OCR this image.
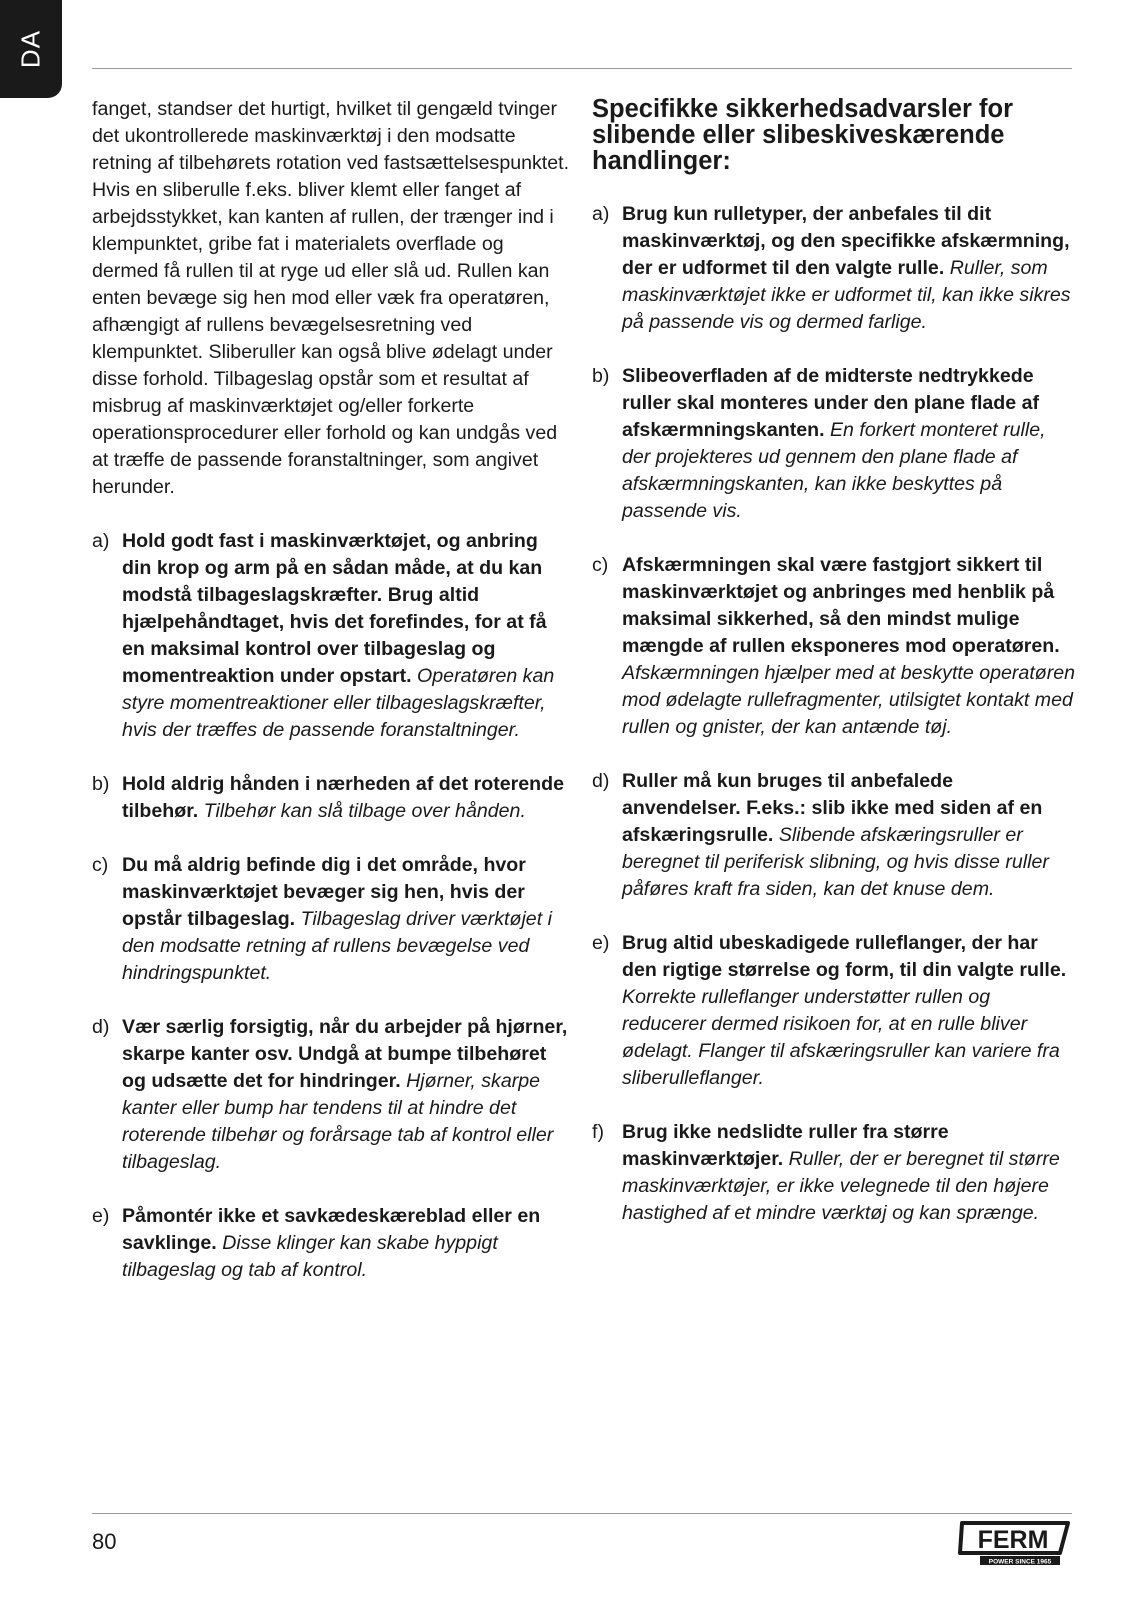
DA

fanget, standser det hurtigt, hvilket til gengæld tvinger det ukontrollerede maskinværktøj i den modsatte retning af tilbehørets rotation ved fastsættelsespunktet.

Hvis en sliberulle f.eks. bliver klemt eller fanget af arbejdsstykket, kan kanten af rullen, der trænger ind i klempunktet, gribe fat i materialets overflade og dermed få rullen til at ryge ud eller slå ud. Rullen kan enten bevæge sig hen mod eller væk fra operatøren, afhængigt af rullens bevægelsesretning ved klempunktet. Sliberuller kan også blive ødelagt under disse forhold. Tilbageslag opstår som et resultat af misbrug af maskinværktøjet og/eller forkerte operationsprocedurer eller forhold og kan undgås ved at træffe de passende foranstaltninger, som angivet herunder.

a) Hold godt fast i maskinværktøjet, og anbring din krop og arm på en sådan måde, at du kan modstå tilbageslagskræfter. Brug altid hjælpehåndtaget, hvis det forefindes, for at få en maksimal kontrol over tilbageslag og momentreaktion under opstart. Operatøren kan styre momentreaktioner eller tilbageslagskræfter, hvis der træffes de passende foranstaltninger.
b) Hold aldrig hånden i nærheden af det roterende tilbehør. Tilbehør kan slå tilbage over hånden.
c) Du må aldrig befinde dig i det område, hvor maskinværktøjet bevæger sig hen, hvis der opstår tilbageslag. Tilbageslag driver værktøjet i den modsatte retning af rullens bevægelse ved hindringspunktet.
d) Vær særlig forsigtig, når du arbejder på hjørner, skarpe kanter osv. Undgå at bumpe tilbehøret og udsætte det for hindringer. Hjørner, skarpe kanter eller bump har tendens til at hindre det roterende tilbehør og forårsage tab af kontrol eller tilbageslag.
e) Påmontér ikke et savkædeskæreblad eller en savklinge. Disse klinger kan skabe hyppigt tilbageslag og tab af kontrol.
Specifikke sikkerhedsadvarsler for slibende eller slibeskiveskærende handlinger:
a) Brug kun rulletyper, der anbefales til dit maskinværktøj, og den specifikke afskærmning, der er udformet til den valgte rulle. Ruller, som maskinværktøjet ikke er udformet til, kan ikke sikres på passende vis og dermed farlige.
b) Slibeoverfladen af de midterste nedtrykkede ruller skal monteres under den plane flade af afskærmningskanten. En forkert monteret rulle, der projekteres ud gennem den plane flade af afskærmningskanten, kan ikke beskyttes på passende vis.
c) Afskærmningen skal være fastgjort sikkert til maskinværktøjet og anbringes med henblik på maksimal sikkerhed, så den mindst mulige mængde af rullen eksponeres mod operatøren. Afskærmningen hjælper med at beskytte operatøren mod ødelagte rullefragmenter, utilsigtet kontakt med rullen og gnister, der kan antænde tøj.
d) Ruller må kun bruges til anbefalede anvendelser. F.eks.: slib ikke med siden af en afskæringsrulle. Slibende afskæringsruller er beregnet til periferisk slibning, og hvis disse ruller påføres kraft fra siden, kan det knuse dem.
e) Brug altid ubeskadigede rulleflanger, der har den rigtige størrelse og form, til din valgte rulle. Korrekte rulleflanger understøtter rullen og reducerer dermed risikoen for, at en rulle bliver ødelagt. Flanger til afskæringsruller kan variere fra sliberulleflanger.
f) Brug ikke nedslidte ruller fra større maskinværktøjer. Ruller, der er beregnet til større maskinværktøjer, er ikke velegnede til den højere hastighed af et mindre værktøj og kan sprænge.
80	FERM
POWER SINCE 1965
